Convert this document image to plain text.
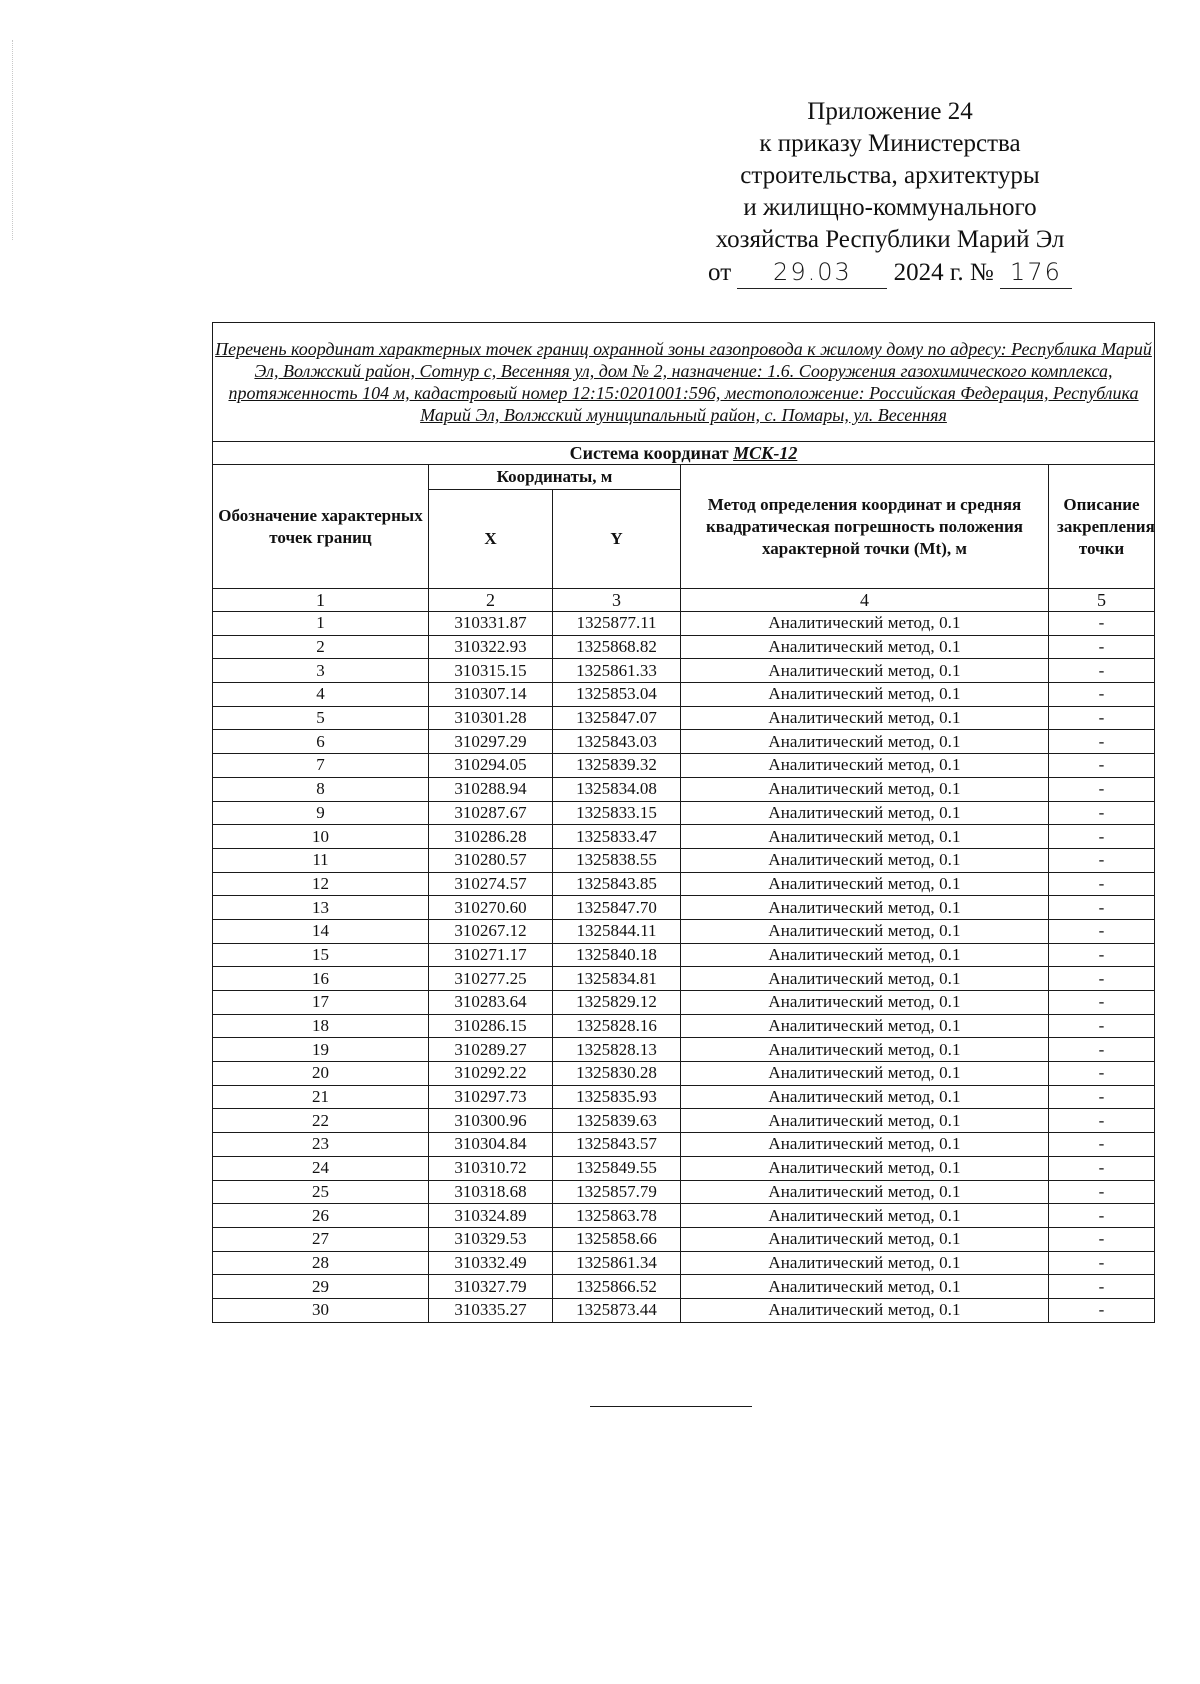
Приложение 24
к приказу Министерства
строительства, архитектуры
и жилищно-коммунального
хозяйства Республики Марий Эл
от 29.03 2024 г. № 176
Перечень координат характерных точек границ охранной зоны газопровода к жилому дому по адресу: Республика Марий Эл, Волжский район, Сотнур с, Весенняя ул, дом № 2, назначение: 1.6. Сооружения газохимического комплекса, протяженность 104 м, кадастровый номер 12:15:0201001:596, местоположение: Российская Федерация, Республика Марий Эл, Волжский муниципальный район, с. Помары, ул. Весенняя				
Система координат МСК-12				
Обозначение характерных точек границ	Координаты, м		Метод определения координат и средняя квадратическая погрешность положения характерной точки (Mt), м	Описание закрепления точки
	X	Y		
1	2	3	4	5
1	310331.87	1325877.11	Аналитический метод, 0.1	-
2	310322.93	1325868.82	Аналитический метод, 0.1	-
3	310315.15	1325861.33	Аналитический метод, 0.1	-
4	310307.14	1325853.04	Аналитический метод, 0.1	-
5	310301.28	1325847.07	Аналитический метод, 0.1	-
6	310297.29	1325843.03	Аналитический метод, 0.1	-
7	310294.05	1325839.32	Аналитический метод, 0.1	-
8	310288.94	1325834.08	Аналитический метод, 0.1	-
9	310287.67	1325833.15	Аналитический метод, 0.1	-
10	310286.28	1325833.47	Аналитический метод, 0.1	-
11	310280.57	1325838.55	Аналитический метод, 0.1	-
12	310274.57	1325843.85	Аналитический метод, 0.1	-
13	310270.60	1325847.70	Аналитический метод, 0.1	-
14	310267.12	1325844.11	Аналитический метод, 0.1	-
15	310271.17	1325840.18	Аналитический метод, 0.1	-
16	310277.25	1325834.81	Аналитический метод, 0.1	-
17	310283.64	1325829.12	Аналитический метод, 0.1	-
18	310286.15	1325828.16	Аналитический метод, 0.1	-
19	310289.27	1325828.13	Аналитический метод, 0.1	-
20	310292.22	1325830.28	Аналитический метод, 0.1	-
21	310297.73	1325835.93	Аналитический метод, 0.1	-
22	310300.96	1325839.63	Аналитический метод, 0.1	-
23	310304.84	1325843.57	Аналитический метод, 0.1	-
24	310310.72	1325849.55	Аналитический метод, 0.1	-
25	310318.68	1325857.79	Аналитический метод, 0.1	-
26	310324.89	1325863.78	Аналитический метод, 0.1	-
27	310329.53	1325858.66	Аналитический метод, 0.1	-
28	310332.49	1325861.34	Аналитический метод, 0.1	-
29	310327.79	1325866.52	Аналитический метод, 0.1	-
30	310335.27	1325873.44	Аналитический метод, 0.1	-
